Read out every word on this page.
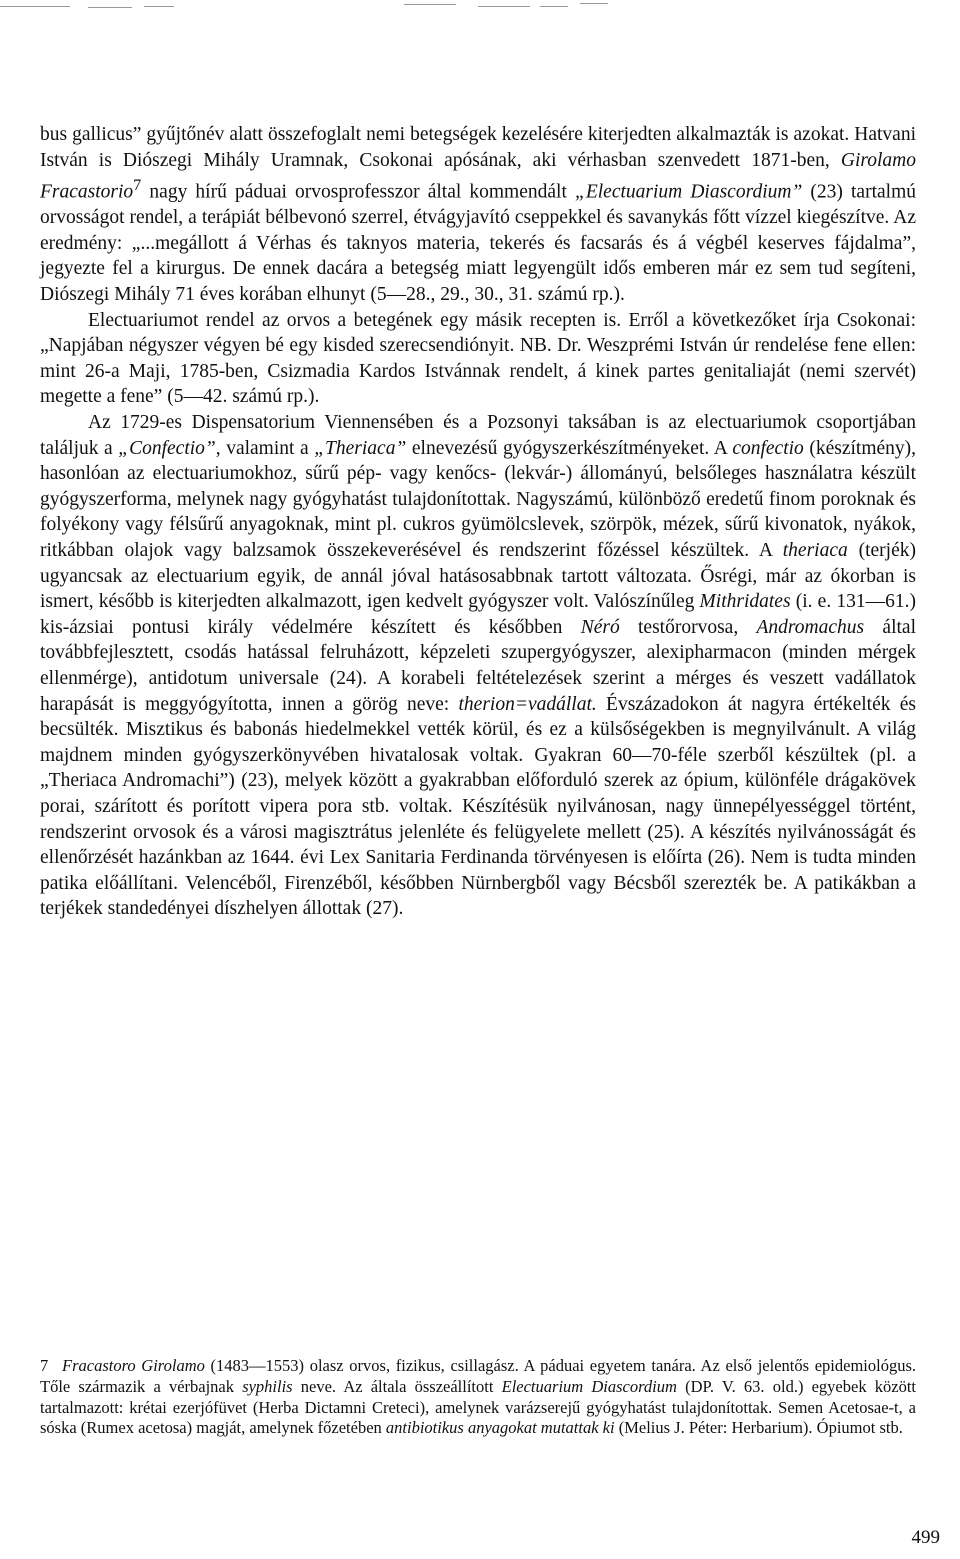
bus gallicus” gyűjtőnév alatt összefoglalt nemi betegségek kezelésére kiterjedten alkalmazták is azokat. Hatvani István is Diószegi Mihály Uramnak, Csokonai apósának, aki vérhasban szenvedett 1871-ben, Girolamo Fracastorio$^7$ nagy hírű páduai orvosprofesszor által kommendált „Electuarium Diascordium” (23) tartalmú orvosságot rendel, a terápiát bélbevonó szerrel, étvágyjavító cseppekkel és savanykás főtt vízzel kiegészítve. Az eredmény: „...megállott á Vérhas és taknyos materia, tekerés és facsarás és á végbél keserves fájdalma”, jegyezte fel a kirurgus. De ennek dacára a betegség miatt legyengült idős emberen már ez sem tud segíteni, Diószegi Mihály 71 éves korában elhunyt (5—28., 29., 30., 31. számú rp.).

Electuariumot rendel az orvos a betegének egy másik recepten is. Erről a következőket írja Csokonai: „Napjában négyszer végyen bé egy kisded szerecsendiónyit. NB. Dr. Weszprémi István úr rendelése fene ellen: mint 26-a Maji, 1785-ben, Csizmadia Kardos Istvánnak rendelt, á kinek partes genitaliaját (nemi szervét) megette a fene” (5—42. számú rp.).

Az 1729-es Dispensatorium Viennensében és a Pozsonyi taksában is az electuariumok csoportjában találjuk a „Confectio”, valamint a „Theriaca” elnevezésű gyógyszerkészítményeket. A confectio (készítmény), hasonlóan az electuariumokhoz, sűrű pép- vagy kenőcs- (lekvár-) állományú, belsőleges használatra készült gyógyszerforma, melynek nagy gyógyhatást tulajdonítottak. Nagyszámú, különböző eredetű finom poroknak és folyékony vagy félsűrű anyagoknak, mint pl. cukros gyümölcslevek, szörpök, mézek, sűrű kivonatok, nyákok, ritkábban olajok vagy balzsamok összekeverésével és rendszerint főzéssel készültek. A theriaca (terjék) ugyancsak az electuarium egyik, de annál jóval hatásosabbnak tartott változata. Ősrégi, már az ókorban is ismert, később is kiterjedten alkalmazott, igen kedvelt gyógyszer volt. Valószínűleg Mithridates (i. e. 131—61.) kis-ázsiai pontusi király védelmére készített és későbben Néró testőrorvosa, Andromachus által továbbfejlesztett, csodás hatással felruházott, képzeleti szupergyógyszer, alexipharmacon (minden mérgek ellenmérge), antidotum universale (24). A korabeli feltételezések szerint a mérges és veszett vadállatok harapását is meggyógyította, innen a görög neve: therion=vadállat. Évszázadokon át nagyra értékelték és becsülték. Misztikus és babonás hiedelmekkel vették körül, és ez a külsőségekben is megnyilvánult. A világ majdnem minden gyógyszerkönyvében hivatalosak voltak. Gyakran 60—70-féle szerből készültek (pl. a „Theriaca Andromachi”) (23), melyek között a gyakrabban előforduló szerek az ópium, különféle drágakövek porai, szárított és porított vipera pora stb. voltak. Készítésük nyilvánosan, nagy ünnepélyességgel történt, rendszerint orvosok és a városi magisztrátus jelenléte és felügyelete mellett (25). A készítés nyilvánosságát és ellenőrzését hazánkban az 1644. évi Lex Sanitaria Ferdinanda törvényesen is előírta (26). Nem is tudta minden patika előállítani. Velencéből, Firenzéből, későbben Nürnbergből vagy Bécsből szerezték be. A patikákban a terjékek standedényei díszhelyen állottak (27).

7 Fracastoro Girolamo (1483—1553) olasz orvos, fizikus, csillagász. A páduai egyetem tanára. Az első jelentős epidemiológus. Tőle származik a vérbajnak syphilis neve. Az általa összeállított Electuarium Diascordium (DP. V. 63. old.) egyebek között tartalmazott: krétai ezerjófüvet (Herba Dictamni Creteci), amelynek varázserejű gyógyhatást tulajdonítottak. Semen Acetosae-t, a sóska (Rumex acetosa) magját, amelynek főzetében antibiotikus anyagokat mutattak ki (Melius J. Péter: Herbarium). Ópiumot stb.

499
